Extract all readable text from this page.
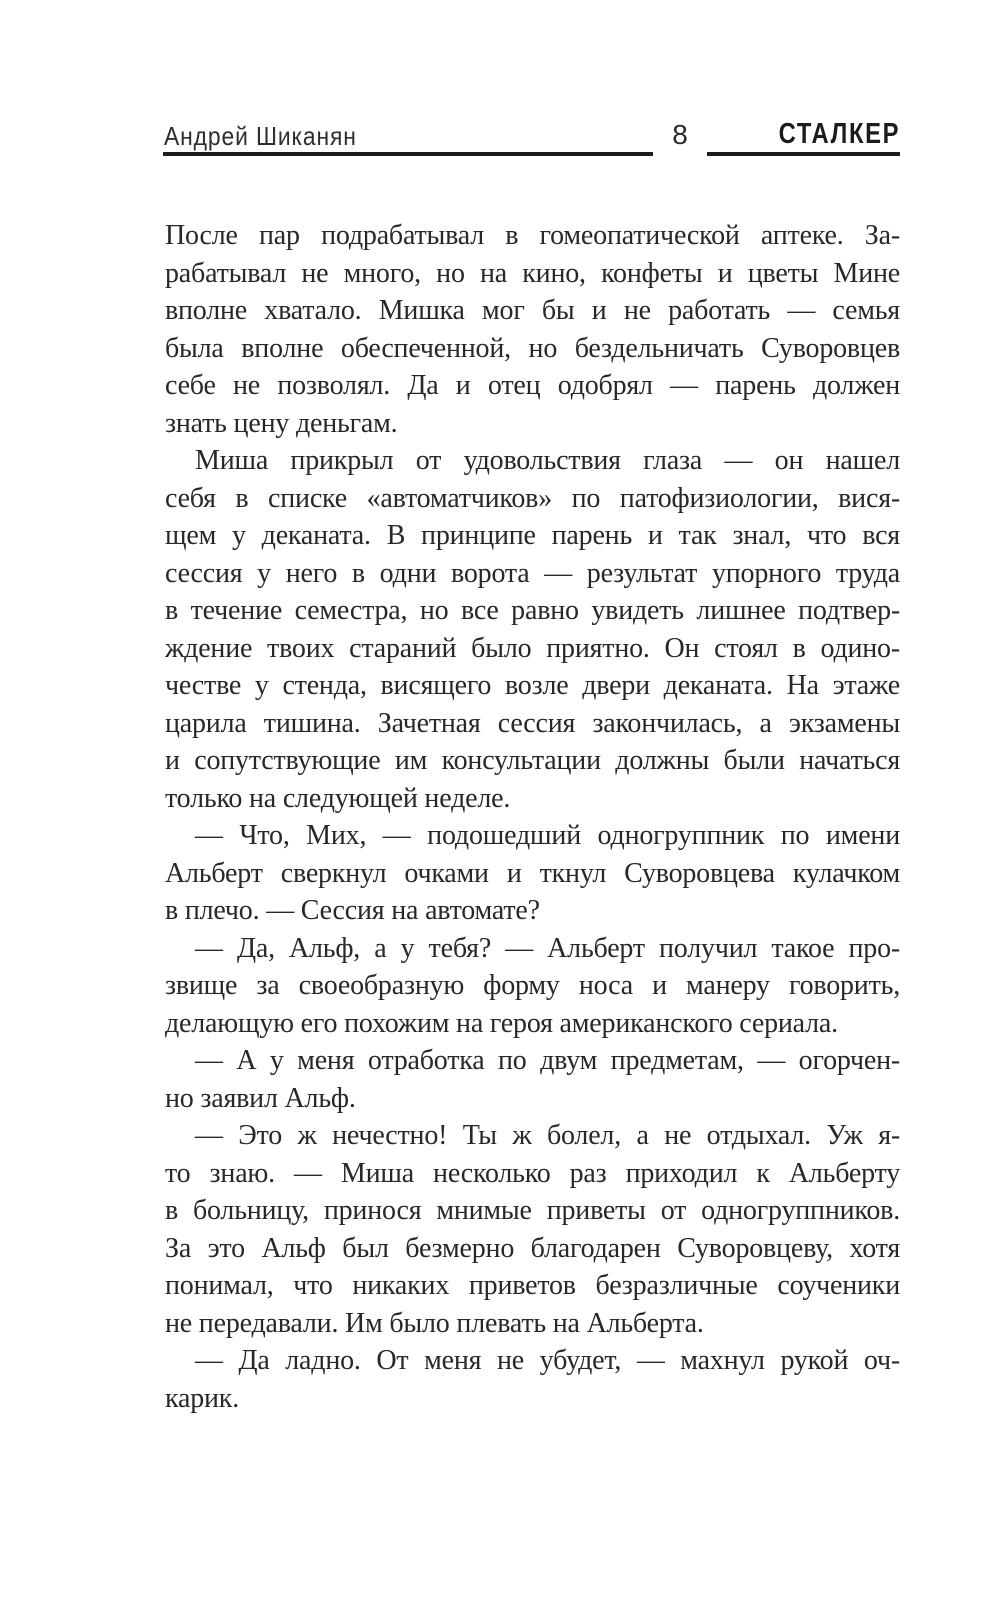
Андрей Шиканян	8	СТАЛКЕР
После пар подрабатывал в гомеопатической аптеке. За-
рабатывал не много, но на кино, конфеты и цветы Мине
вполне хватало. Мишка мог бы и не работать — семья
была вполне обеспеченной, но бездельничать Суворовцев
себе не позволял. Да и отец одобрял — парень должен
знать цену деньгам.
Миша прикрыл от удовольствия глаза — он нашел
себя в списке «автоматчиков» по патофизиологии, вися-
щем у деканата. В принципе парень и так знал, что вся
сессия у него в одни ворота — результат упорного труда
в течение семестра, но все равно увидеть лишнее подтвер-
ждение твоих стараний было приятно. Он стоял в одино-
честве у стенда, висящего возле двери деканата. На этаже
царила тишина. Зачетная сессия закончилась, а экзамены
и сопутствующие им консультации должны были начаться
только на следующей неделе.
— Что, Мих, — подошедший одногруппник по имени
Альберт сверкнул очками и ткнул Суворовцева кулачком
в плечо. — Сессия на автомате?
— Да, Альф, а у тебя? — Альберт получил такое про-
звище за своеобразную форму носа и манеру говорить,
делающую его похожим на героя американского сериала.
— А у меня отработка по двум предметам, — огорчен-
но заявил Альф.
— Это ж нечестно! Ты ж болел, а не отдыхал. Уж я-
то знаю. — Миша несколько раз приходил к Альберту
в больницу, принося мнимые приветы от одногруппников.
За это Альф был безмерно благодарен Суворовцеву, хотя
понимал, что никаких приветов безразличные соученики
не передавали. Им было плевать на Альберта.
— Да ладно. От меня не убудет, — махнул рукой оч-
карик.
